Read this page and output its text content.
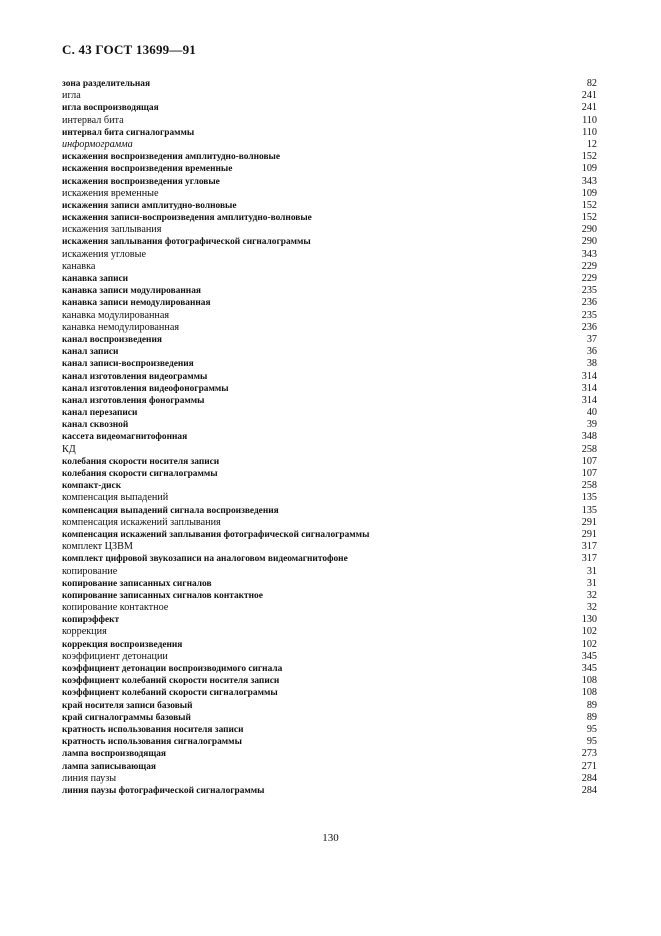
С. 43 ГОСТ 13699—91
зона разделительная	82
игла	241
игла воспроизводящая	241
интервал бита	110
интервал бита сигналограммы	110
информограмма	12
искажения воспроизведения амплитудно-волновые	152
искажения воспроизведения временные	109
искажения воспроизведения угловые	343
искажения временные	109
искажения записи амплитудно-волновые	152
искажения записи-воспроизведения амплитудно-волновые	152
искажения заплывания	290
искажения заплывания фотографической сигналограммы	290
искажения угловые	343
канавка	229
канавка записи	229
канавка записи модулированная	235
канавка записи немодулированная	236
канавка модулированная	235
канавка немодулированная	236
канал воспроизведения	37
канал записи	36
канал записи-воспроизведения	38
канал изготовления видеограммы	314
канал изготовления видеофонограммы	314
канал изготовления фонограммы	314
канал перезаписи	40
канал сквозной	39
кассета видеомагнитофонная	348
КД	258
колебания скорости носителя записи	107
колебания скорости сигналограммы	107
компакт-диск	258
компенсация выпадений	135
компенсация выпадений сигнала воспроизведения	135
компенсация искажений заплывания	291
компенсация искажений заплывания фотографической сигналограммы	291
комплект ЦЗВМ	317
комплект цифровой звукозаписи на аналоговом видеомагнитофоне	317
копирование	31
копирование записанных сигналов	31
копирование записанных сигналов контактное	32
копирование контактное	32
копирэффект	130
коррекция	102
коррекция воспроизведения	102
коэффициент детонации	345
коэффициент детонации воспроизводимого сигнала	345
коэффициент колебаний скорости носителя записи	108
коэффициент колебаний скорости сигналограммы	108
край носителя записи базовый	89
край сигналограммы базовый	89
кратность использования носителя записи	95
кратность использования сигналограммы	95
лампа воспроизводящая	273
лампа записывающая	271
линия паузы	284
линия паузы фотографической сигналограммы	284
130
